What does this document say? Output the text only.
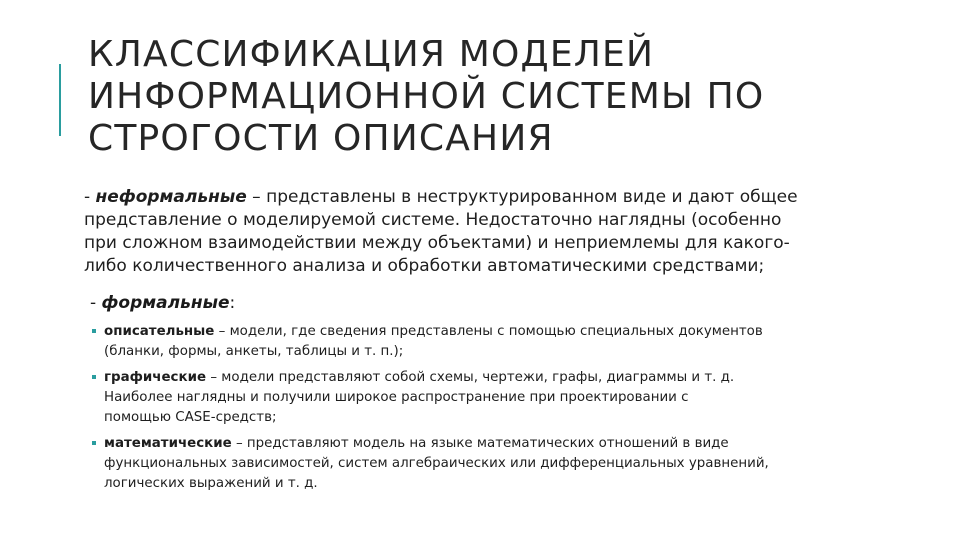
КЛАССИФИКАЦИЯ МОДЕЛЕЙ
ИНФОРМАЦИОННОЙ СИСТЕМЫ ПО
СТРОГОСТИ ОПИСАНИЯ
- неформальные – представлены в неструктурированном виде и дают общее
представление о моделируемой системе. Недостаточно наглядны (особенно
при сложном взаимодействии между объектами) и неприемлемы для какого-
либо количественного анализа и обработки автоматическими средствами;
- формальные:
описательные – модели, где сведения представлены с помощью специальных документов
(бланки, формы, анкеты, таблицы и т. п.);
графические – модели представляют собой схемы, чертежи, графы, диаграммы и т. д.
Наиболее наглядны и получили широкое распространение при проектировании с
помощью CASE-средств;
математические – представляют модель на языке математических отношений в виде
функциональных зависимостей, систем алгебраических или дифференциальных уравнений,
логических выражений и т. д.
